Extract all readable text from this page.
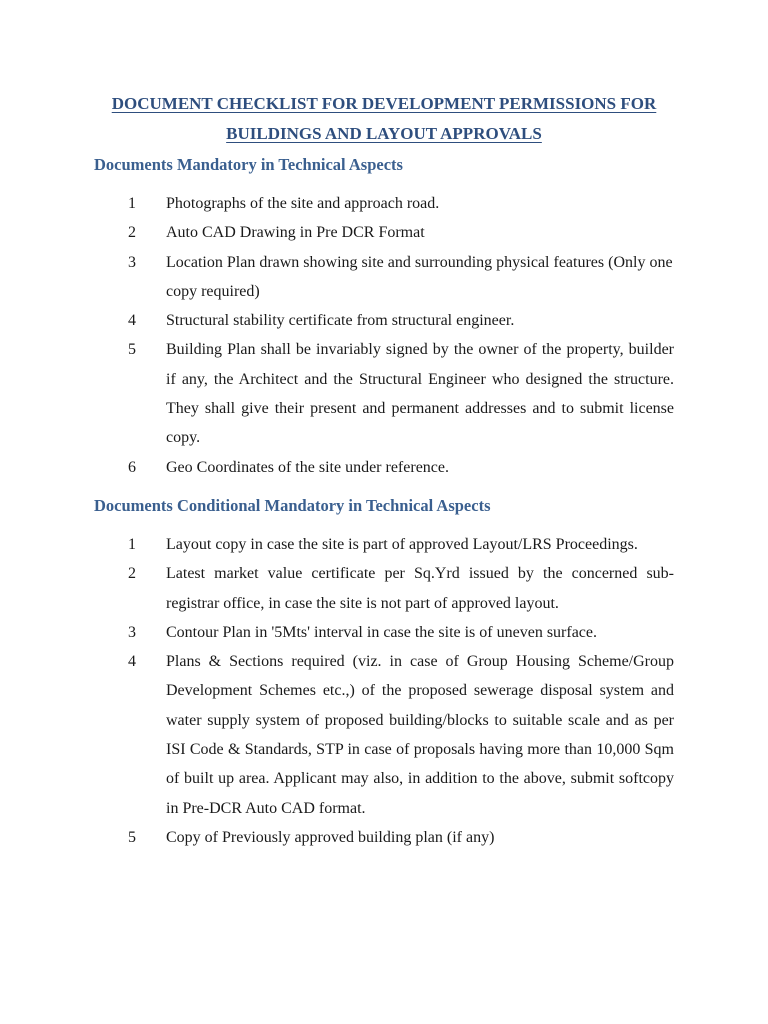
DOCUMENT CHECKLIST FOR DEVELOPMENT PERMISSIONS FOR
BUILDINGS AND LAYOUT APPROVALS
Documents Mandatory in Technical Aspects
1	Photographs of the site and approach road.
2	Auto CAD Drawing in Pre DCR Format
3	Location Plan drawn showing site and surrounding physical features (Only one copy required)
4	Structural stability certificate from structural engineer.
5	Building Plan shall be invariably signed by the owner of the property, builder if any, the Architect and the Structural Engineer who designed the structure. They shall give their present and permanent addresses and to submit license copy.
6	Geo Coordinates of the site under reference.
Documents Conditional Mandatory in Technical Aspects
1	Layout copy in case the site is part of approved Layout/LRS Proceedings.
2	Latest market value certificate per Sq.Yrd issued by the concerned sub-registrar office, in case the site is not part of approved layout.
3	Contour Plan in '5Mts' interval in case the site is of uneven surface.
4	Plans & Sections required (viz. in case of Group Housing Scheme/Group Development Schemes etc.,) of the proposed sewerage disposal system and water supply system of proposed building/blocks to suitable scale and as per ISI Code & Standards, STP in case of proposals having more than 10,000 Sqm of built up area. Applicant may also, in addition to the above, submit softcopy in Pre-DCR Auto CAD format.
5	Copy of Previously approved building plan (if any)
